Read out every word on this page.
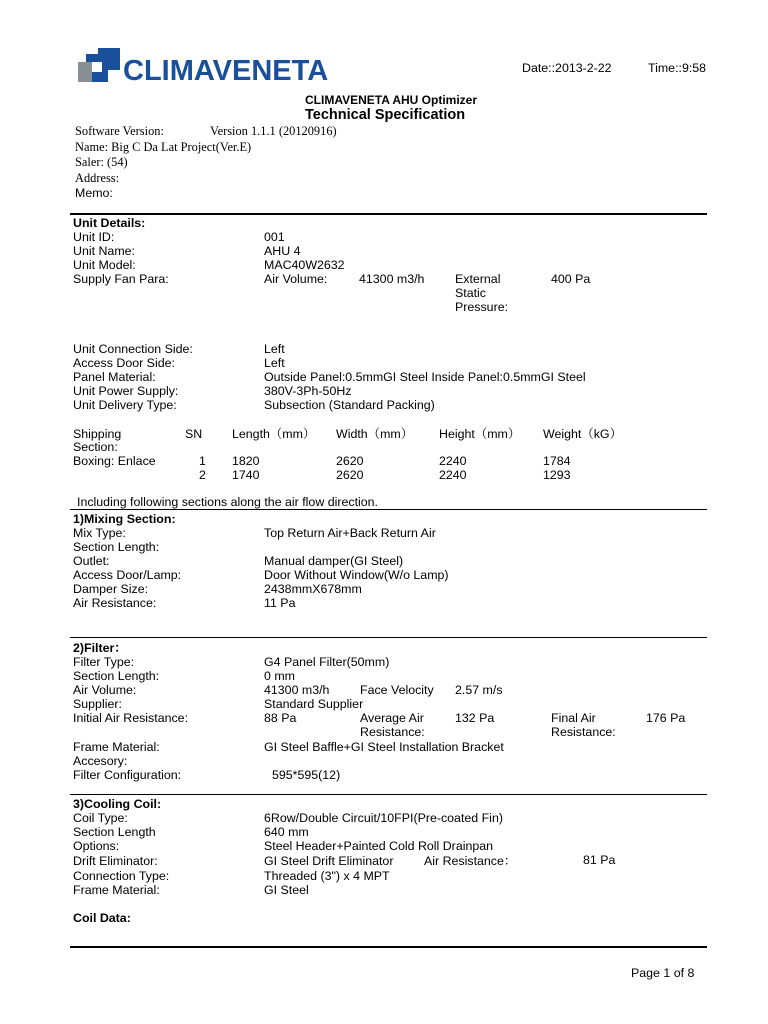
CLIMAVENETA	Date::2013-2-22	Time::9:58
CLIMAVENETA AHU Optimizer
Technical Specification
Software Version:	Version 1.1.1 (20120916)
Name: Big C Da Lat Project(Ver.E)
Saler: (54)
Address:
Memo:
Unit Details:
Unit ID:	001
Unit Name:	AHU 4
Unit Model:	MAC40W2632
Supply Fan Para:	Air Volume:	41300 m3/h External
Static
Pressure:
400 Pa
Unit Connection Side:	Left
Access Door Side:	Left
Panel Material:	Outside Panel:0.5mmGI Steel Inside Panel:0.5mmGI Steel
Unit Power Supply:	380V-3Ph-50Hz
Unit Delivery Type:	Subsection (Standard Packing)
Shipping
Section:
SN Length（mm） Width（mm） Height（mm） Weight（kG）
Boxing: Enlace	1 1820	2620	2240	1784
2 1740	2620	2240	1293
Including following sections along the air flow direction.
1)Mixing Section:
Mix Type:	Top Return Air+Back Return Air
Section Length:
Outlet:	Manual damper(GI Steel)
Access Door/Lamp:	Door Without Window(W/o Lamp)
Damper Size:	2438mmX678mm
Air Resistance:	11 Pa
2)Filter：
Filter Type:	G4 Panel Filter(50mm)
Section Length:	0 mm
Air Volume:	41300 m3/h Face Velocity 2.57 m/s
Supplier:	Standard Supplier
Initial Air Resistance:	88 Pa	Average Air
Resistance:
132 Pa	Final Air
Resistance:
176 Pa
Frame Material:	GI Steel Baffle+GI Steel Installation Bracket
Accesory:
Filter Configuration:	595*595(12)
3)Cooling Coil:
Coil Type:	6Row/Double Circuit/10FPI(Pre-coated Fin)
Section Length	640 mm
Options:	Steel Header+Painted Cold Roll Drainpan
Drift Eliminator:	GI Steel Drift Eliminator Air Resistance：	81 Pa
Connection Type:	Threaded (3") x 4 MPT
Frame Material:	GI Steel
Coil Data:
Page 1 of 8
